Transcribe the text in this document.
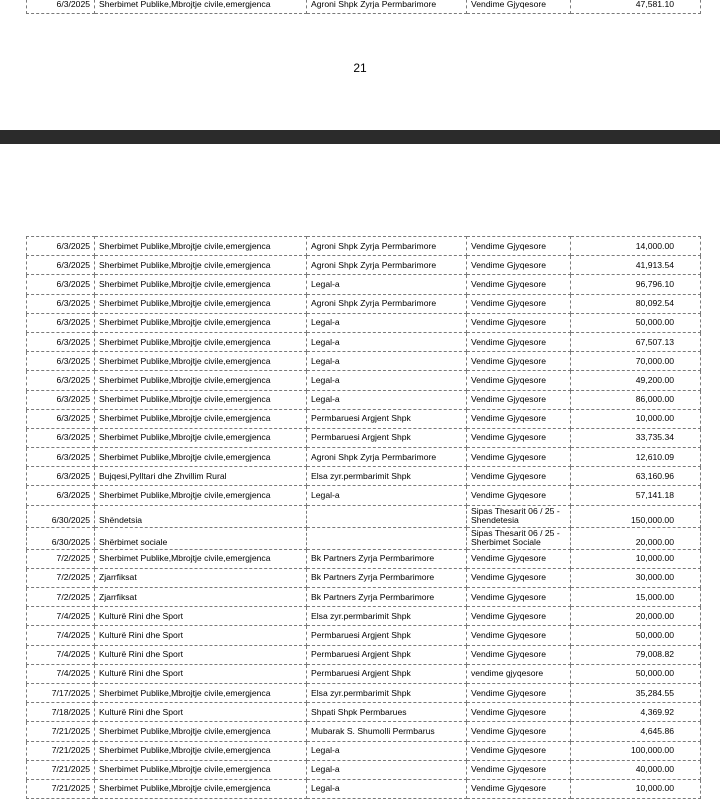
6/3/2025	Sherbimet Publike,Mbrojtje civile,emergjenca	Agroni Shpk Zyrja Permbarimore	Vendime Gjyqesore	47,581.10
21
6/3/2025	Sherbimet Publike,Mbrojtje civile,emergjenca	Agroni Shpk Zyrja Permbarimore	Vendime Gjyqesore	14,000.00
6/3/2025	Sherbimet Publike,Mbrojtje civile,emergjenca	Agroni Shpk Zyrja Permbarimore	Vendime Gjyqesore	41,913.54
6/3/2025	Sherbimet Publike,Mbrojtje civile,emergjenca	Legal-a	Vendime Gjyqesore	96,796.10
6/3/2025	Sherbimet Publike,Mbrojtje civile,emergjenca	Agroni Shpk Zyrja Permbarimore	Vendime Gjyqesore	80,092.54
6/3/2025	Sherbimet Publike,Mbrojtje civile,emergjenca	Legal-a	Vendime Gjyqesore	50,000.00
6/3/2025	Sherbimet Publike,Mbrojtje civile,emergjenca	Legal-a	Vendime Gjyqesore	67,507.13
6/3/2025	Sherbimet Publike,Mbrojtje civile,emergjenca	Legal-a	Vendime Gjyqesore	70,000.00
6/3/2025	Sherbimet Publike,Mbrojtje civile,emergjenca	Legal-a	Vendime Gjyqesore	49,200.00
6/3/2025	Sherbimet Publike,Mbrojtje civile,emergjenca	Legal-a	Vendime Gjyqesore	86,000.00
6/3/2025	Sherbimet Publike,Mbrojtje civile,emergjenca	Permbaruesi Argjent Shpk	Vendime Gjyqesore	10,000.00
6/3/2025	Sherbimet Publike,Mbrojtje civile,emergjenca	Permbaruesi Argjent Shpk	Vendime Gjyqesore	33,735.34
6/3/2025	Sherbimet Publike,Mbrojtje civile,emergjenca	Agroni Shpk Zyrja Permbarimore	Vendime Gjyqesore	12,610.09
6/3/2025	Bujqesi,Pylltari dhe Zhvillim Rural	Elsa zyr.permbarimit Shpk	Vendime Gjyqesore	63,160.96
6/3/2025	Sherbimet Publike,Mbrojtje civile,emergjenca	Legal-a	Vendime Gjyqesore	57,141.18
6/30/2025	Shëndetsia		Sipas Thesarit 06 / 25 - Shendetesia	150,000.00
6/30/2025	Shërbimet sociale		Sipas Thesarit 06 / 25 - Sherbimet Sociale	20,000.00
7/2/2025	Sherbimet Publike,Mbrojtje civile,emergjenca	Bk Partners Zyrja Permbarimore	Vendime Gjyqesore	10,000.00
7/2/2025	Zjarrfiksat	Bk Partners Zyrja Permbarimore	Vendime Gjyqesore	30,000.00
7/2/2025	Zjarrfiksat	Bk Partners Zyrja Permbarimore	Vendime Gjyqesore	15,000.00
7/4/2025	Kulturë Rini dhe Sport	Elsa zyr.permbarimit Shpk	Vendime Gjyqesore	20,000.00
7/4/2025	Kulturë Rini dhe Sport	Permbaruesi Argjent Shpk	Vendime Gjyqesore	50,000.00
7/4/2025	Kulturë Rini dhe Sport	Permbaruesi Argjent Shpk	Vendime Gjyqesore	79,008.82
7/4/2025	Kulturë Rini dhe Sport	Permbaruesi Argjent Shpk	vendime gjyqesore	50,000.00
7/17/2025	Sherbimet Publike,Mbrojtje civile,emergjenca	Elsa zyr.permbarimit Shpk	Vendime Gjyqesore	35,284.55
7/18/2025	Kulturë Rini dhe Sport	Shpati Shpk Permbarues	Vendime Gjyqesore	4,369.92
7/21/2025	Sherbimet Publike,Mbrojtje civile,emergjenca	Mubarak S. Shumolli Permbarus	Vendime Gjyqesore	4,645.86
7/21/2025	Sherbimet Publike,Mbrojtje civile,emergjenca	Legal-a	Vendime Gjyqesore	100,000.00
7/21/2025	Sherbimet Publike,Mbrojtje civile,emergjenca	Legal-a	Vendime Gjyqesore	40,000.00
7/21/2025	Sherbimet Publike,Mbrojtje civile,emergjenca	Legal-a	Vendime Gjyqesore	10,000.00
